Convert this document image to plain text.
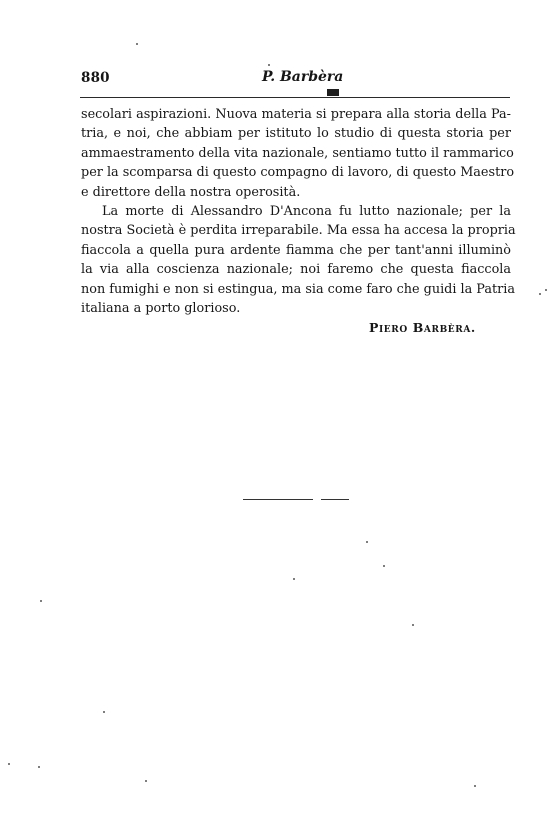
880	P. Barbèra
secolari aspirazioni. Nuova materia si prepara alla storia della Pa-
tria, e noi, che abbiam per istituto lo studio di questa storia per
ammaestramento della vita nazionale, sentiamo tutto il rammarico
per la scomparsa di questo compagno di lavoro, di questo Maestro
e direttore della nostra operosità.
La morte di Alessandro D'Ancona fu lutto nazionale; per la
nostra Società è perdita irreparabile. Ma essa ha accesa la propria
fiaccola a quella pura ardente fiamma che per tant'anni illuminò
la via alla coscienza nazionale; noi faremo che questa fiaccola
non fumighi e non si estingua, ma sia come faro che guidi la Patria
italiana a porto glorioso.
Piero Barbèra.
